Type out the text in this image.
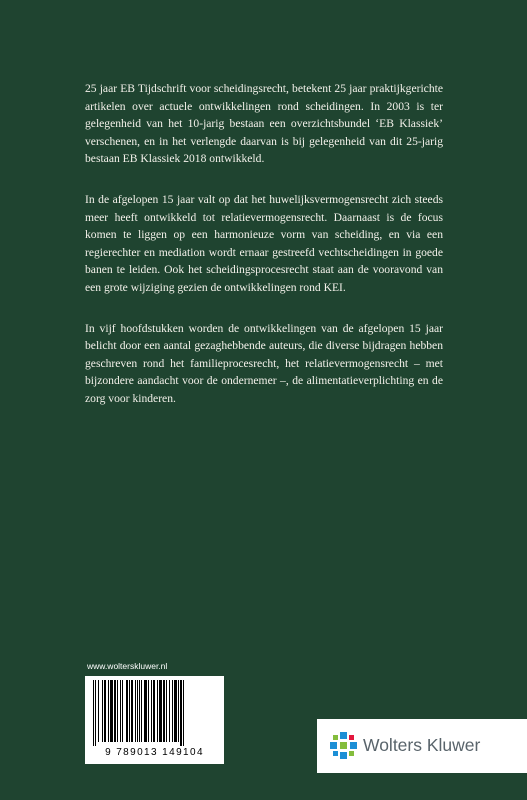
25 jaar EB Tijdschrift voor scheidingsrecht, betekent 25 jaar praktijkgerichte artikelen over actuele ontwikkelingen rond scheidingen. In 2003 is ter gelegenheid van het 10-jarig bestaan een overzichtsbundel ‘EB Klassiek’ verschenen, en in het verlengde daarvan is bij gelegenheid van dit 25-jarig bestaan EB Klassiek 2018 ontwikkeld.

In de afgelopen 15 jaar valt op dat het huwelijksvermogensrecht zich steeds meer heeft ontwikkeld tot relatievermogensrecht. Daarnaast is de focus komen te liggen op een harmonieuze vorm van scheiding, en via een regierechter en mediation wordt ernaar gestreefd vechtscheidingen in goede banen te leiden. Ook het scheidingsprocesrecht staat aan de vooravond van een grote wijziging gezien de ontwikkelingen rond KEI.

In vijf hoofdstukken worden de ontwikkelingen van de afgelopen 15 jaar belicht door een aantal gezaghebbende auteurs, die diverse bijdragen hebben geschreven rond het familieprocesrecht, het relatievermogensrecht – met bijzondere aandacht voor de ondernemer –, de alimentatieverplichting en de zorg voor kinderen.

www.wolterskluwer.nl
9 789013 149104	Wolters Kluwer
